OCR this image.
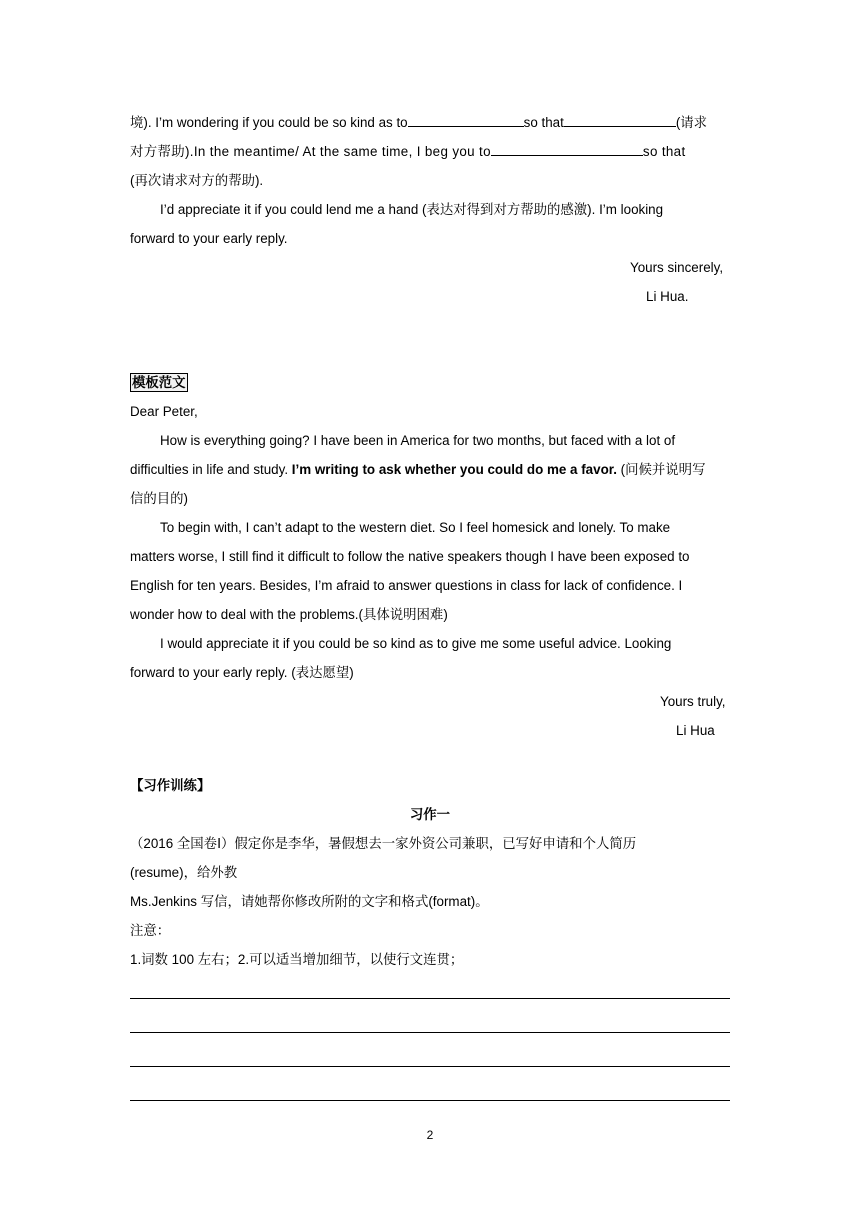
境). I’m wondering if you could be so kind as to	so that	(请求
对方帮助).In the meantime/ At the same time, I beg you to	so that
(再次请求对方的帮助).
I’d appreciate it if you could lend me a hand (表达对得到对方帮助的感激). I’m looking
forward to your early reply.
Yours sincerely,
Li Hua.
模板范文
Dear Peter,
How is everything going? I have been in America for two months, but faced with a lot of
difficulties in life and study. I’m writing to ask whether you could do me a favor. (问候并说明写
信的目的)
To begin with, I can’t adapt to the western diet. So I feel homesick and lonely. To make
matters worse, I still find it difficult to follow the native speakers though I have been exposed to
English for ten years. Besides, I’m afraid to answer questions in class for lack of confidence. I
wonder how to deal with the problems.(具体说明困难)
I would appreciate it if you could be so kind as to give me some useful advice. Looking
forward to your early reply. (表达愿望)
Yours truly,
Li Hua
【习作训练】
习作一
（2016 全国卷Ⅰ）假定你是李华，暑假想去一家外资公司兼职，已写好申请和个人简历
(resume)，给外教
Ms.Jenkins 写信，请她帮你修改所附的文字和格式(format)。
注意：
1.词数 100 左右；2.可以适当增加细节，以使行文连贯；
2
